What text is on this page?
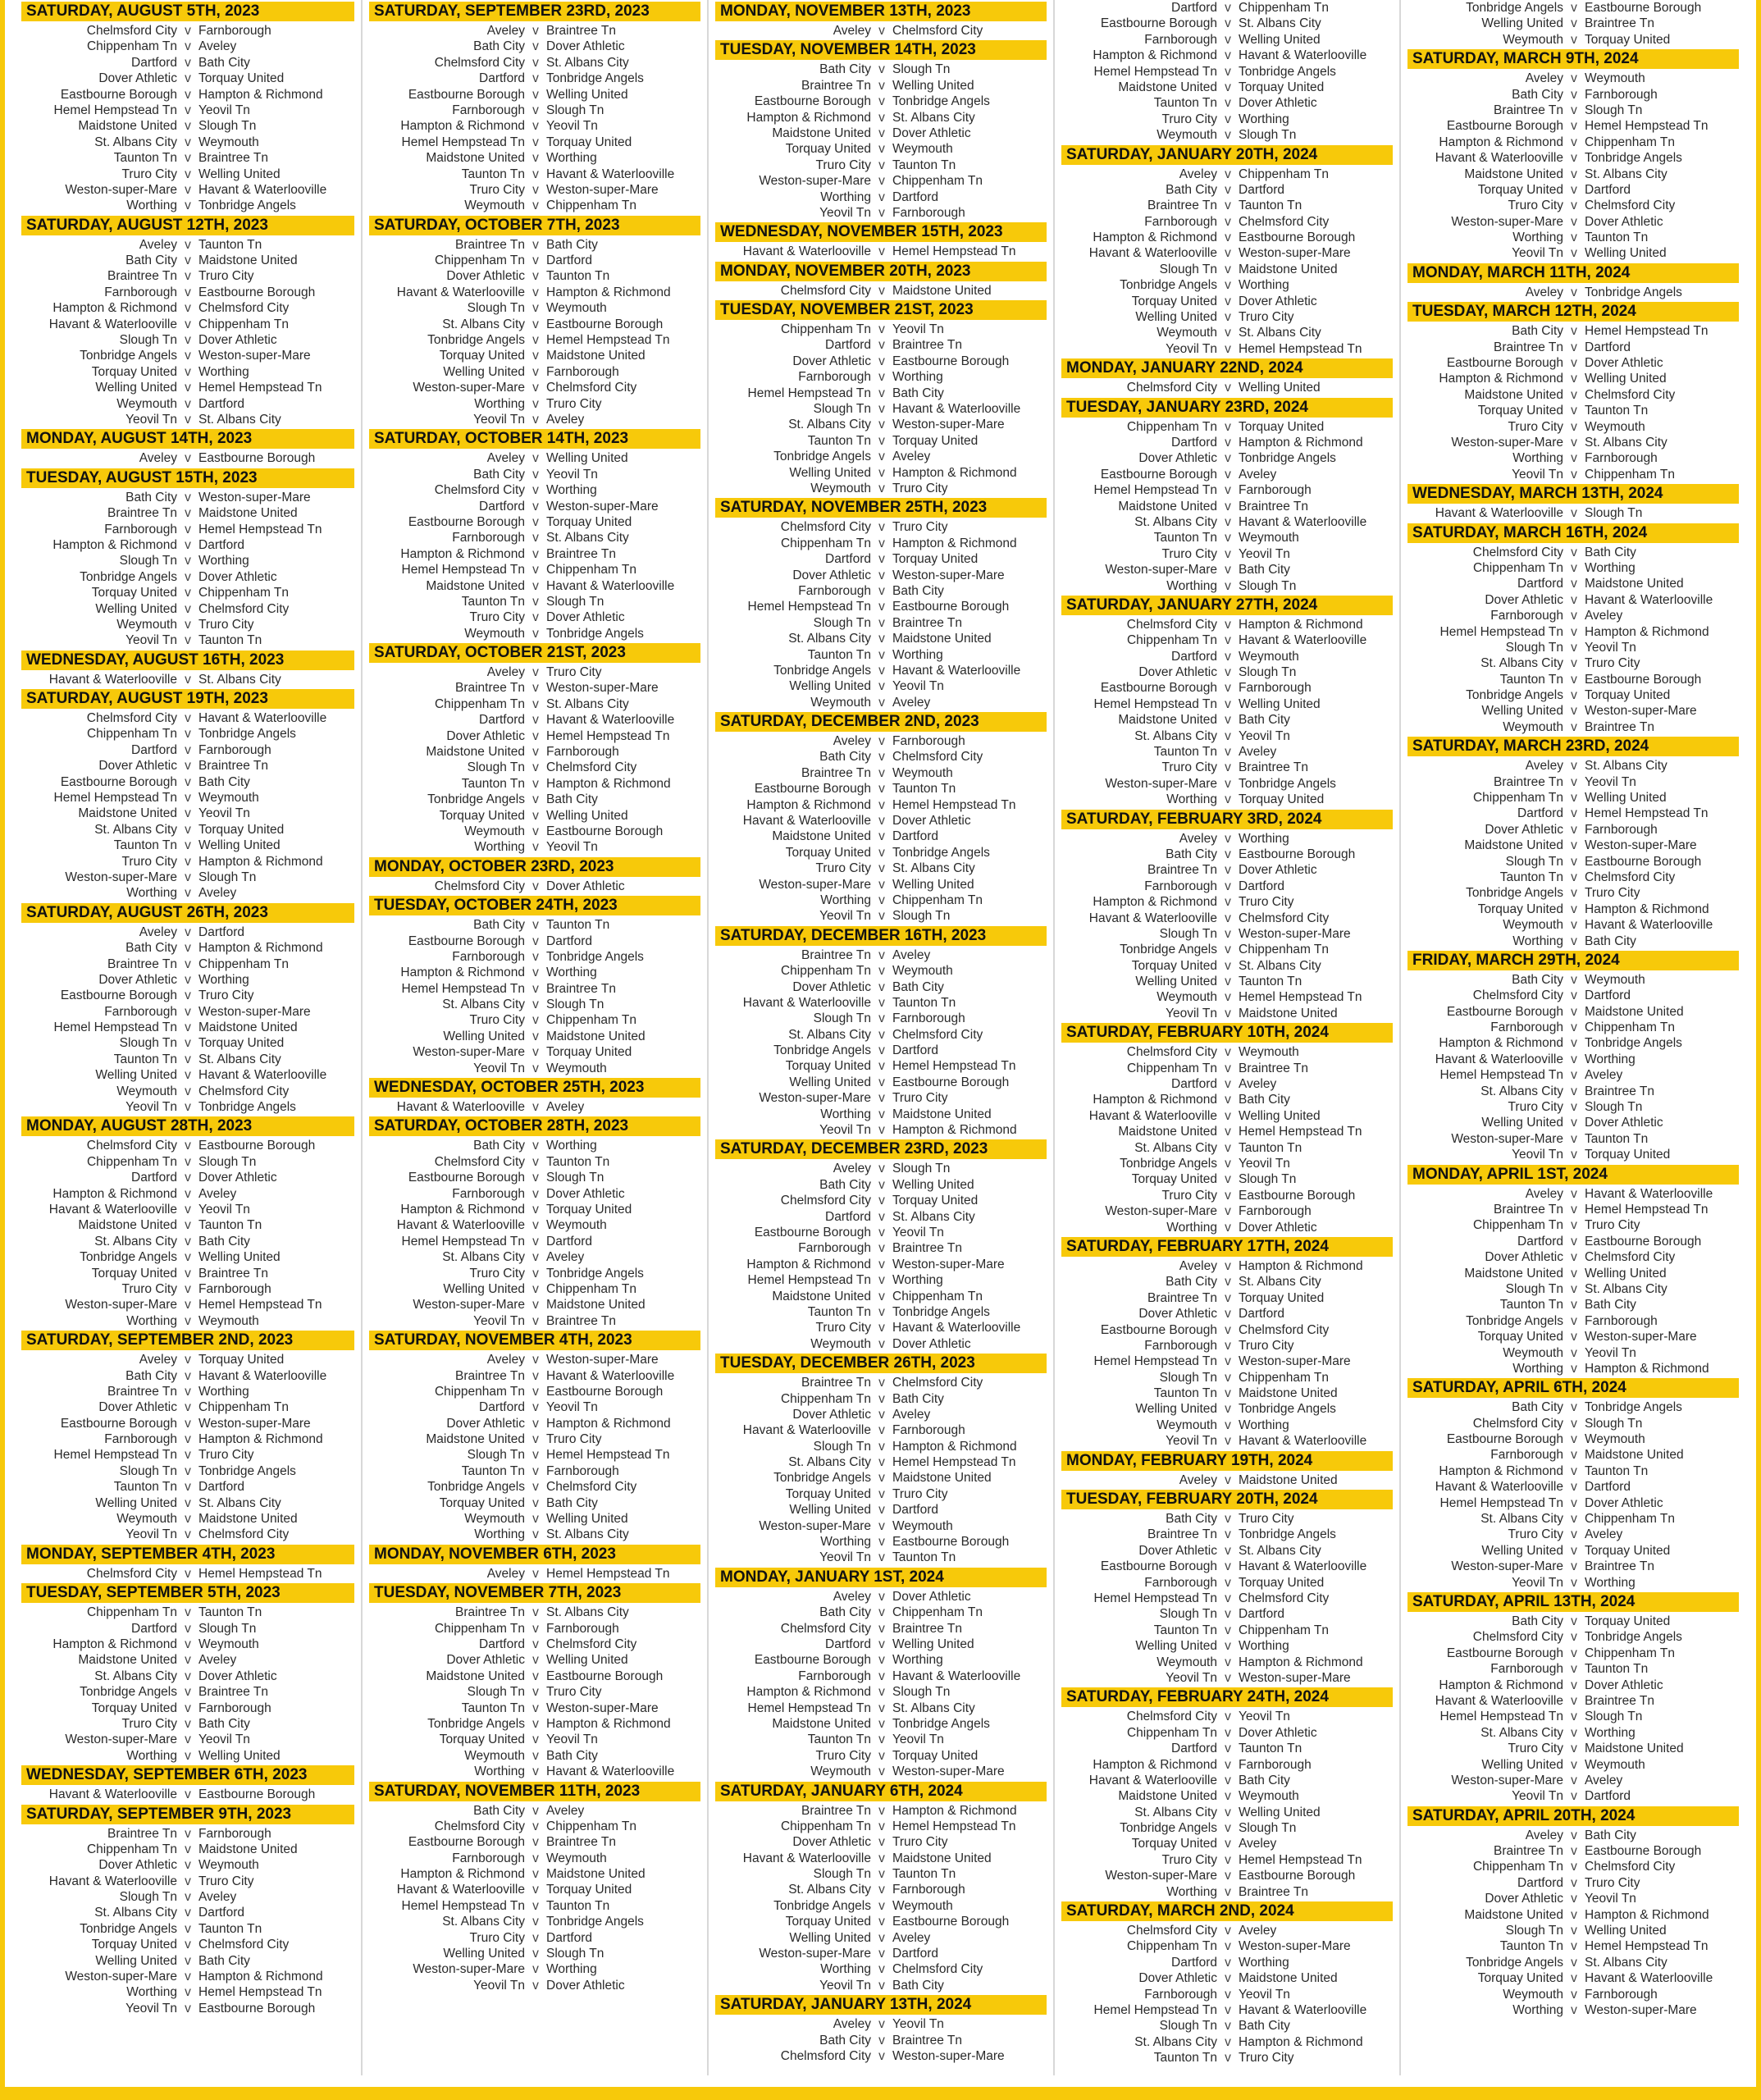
SATURDAY, AUGUST 5TH, 2023
Chelmsford City v Farnborough
Chippenham Tn v Aveley
Dartford v Bath City
Dover Athletic v Torquay United
Eastbourne Borough v Hampton & Richmond
Hemel Hempstead Tn v Yeovil Tn
Maidstone United v Slough Tn
St. Albans City v Weymouth
Taunton Tn v Braintree Tn
Truro City v Welling United
Weston-super-Mare v Havant & Waterlooville
Worthing v Tonbridge Angels
SATURDAY, AUGUST 12TH, 2023
Aveley v Taunton Tn
Bath City v Maidstone United
Braintree Tn v Truro City
Farnborough v Eastbourne Borough
Hampton & Richmond v Chelmsford City
Havant & Waterlooville v Chippenham Tn
Slough Tn v Dover Athletic
Tonbridge Angels v Weston-super-Mare
Torquay United v Worthing
Welling United v Hemel Hempstead Tn
Weymouth v Dartford
Yeovil Tn v St. Albans City
MONDAY, AUGUST 14TH, 2023
Aveley v Eastbourne Borough
TUESDAY, AUGUST 15TH, 2023
Bath City v Weston-super-Mare
Braintree Tn v Maidstone United
Farnborough v Hemel Hempstead Tn
Hampton & Richmond v Dartford
Slough Tn v Worthing
Tonbridge Angels v Dover Athletic
Torquay United v Chippenham Tn
Welling United v Chelmsford City
Weymouth v Truro City
Yeovil Tn v Taunton Tn
WEDNESDAY, AUGUST 16TH, 2023
Havant & Waterlooville v St. Albans City
SATURDAY, AUGUST 19TH, 2023
Chelmsford City v Havant & Waterlooville
Chippenham Tn v Tonbridge Angels
Dartford v Farnborough
Dover Athletic v Braintree Tn
Eastbourne Borough v Bath City
Hemel Hempstead Tn v Weymouth
Maidstone United v Yeovil Tn
St. Albans City v Torquay United
Taunton Tn v Welling United
Truro City v Hampton & Richmond
Weston-super-Mare v Slough Tn
Worthing v Aveley
SATURDAY, AUGUST 26TH, 2023
Aveley v Dartford
Bath City v Hampton & Richmond
Braintree Tn v Chippenham Tn
Dover Athletic v Worthing
Eastbourne Borough v Truro City
Farnborough v Weston-super-Mare
Hemel Hempstead Tn v Maidstone United
Slough Tn v Torquay United
Taunton Tn v St. Albans City
Welling United v Havant & Waterlooville
Weymouth v Chelmsford City
Yeovil Tn v Tonbridge Angels
MONDAY, AUGUST 28TH, 2023
Chelmsford City v Eastbourne Borough
Chippenham Tn v Slough Tn
Dartford v Dover Athletic
Hampton & Richmond v Aveley
Havant & Waterlooville v Yeovil Tn
Maidstone United v Taunton Tn
St. Albans City v Bath City
Tonbridge Angels v Welling United
Torquay United v Braintree Tn
Truro City v Farnborough
Weston-super-Mare v Hemel Hempstead Tn
Worthing v Weymouth
SATURDAY, SEPTEMBER 2ND, 2023
Aveley v Torquay United
Bath City v Havant & Waterlooville
Braintree Tn v Worthing
Dover Athletic v Chippenham Tn
Eastbourne Borough v Weston-super-Mare
Farnborough v Hampton & Richmond
Hemel Hempstead Tn v Truro City
Slough Tn v Tonbridge Angels
Taunton Tn v Dartford
Welling United v St. Albans City
Weymouth v Maidstone United
Yeovil Tn v Chelmsford City
MONDAY, SEPTEMBER 4TH, 2023
Chelmsford City v Hemel Hempstead Tn
TUESDAY, SEPTEMBER 5TH, 2023
Chippenham Tn v Taunton Tn
Dartford v Slough Tn
Hampton & Richmond v Weymouth
Maidstone United v Aveley
St. Albans City v Dover Athletic
Tonbridge Angels v Braintree Tn
Torquay United v Farnborough
Truro City v Bath City
Weston-super-Mare v Yeovil Tn
Worthing v Welling United
WEDNESDAY, SEPTEMBER 6TH, 2023
Havant & Waterlooville v Eastbourne Borough
SATURDAY, SEPTEMBER 9TH, 2023
Braintree Tn v Farnborough
Chippenham Tn v Maidstone United
Dover Athletic v Weymouth
Havant & Waterlooville v Truro City
Slough Tn v Aveley
St. Albans City v Dartford
Tonbridge Angels v Taunton Tn
Torquay United v Chelmsford City
Welling United v Bath City
Weston-super-Mare v Hampton & Richmond
Worthing v Hemel Hempstead Tn
Yeovil Tn v Eastbourne Borough
SATURDAY, SEPTEMBER 23RD, 2023
Aveley v Braintree Tn
Bath City v Dover Athletic
Chelmsford City v St. Albans City
Dartford v Tonbridge Angels
Eastbourne Borough v Welling United
Farnborough v Slough Tn
Hampton & Richmond v Yeovil Tn
Hemel Hempstead Tn v Torquay United
Maidstone United v Worthing
Taunton Tn v Havant & Waterlooville
Truro City v Weston-super-Mare
Weymouth v Chippenham Tn
SATURDAY, OCTOBER 7TH, 2023
Braintree Tn v Bath City
Chippenham Tn v Dartford
Dover Athletic v Taunton Tn
Havant & Waterlooville v Hampton & Richmond
Slough Tn v Weymouth
St. Albans City v Eastbourne Borough
Tonbridge Angels v Hemel Hempstead Tn
Torquay United v Maidstone United
Welling United v Farnborough
Weston-super-Mare v Chelmsford City
Worthing v Truro City
Yeovil Tn v Aveley
SATURDAY, OCTOBER 14TH, 2023
Aveley v Welling United
Bath City v Yeovil Tn
Chelmsford City v Worthing
Dartford v Weston-super-Mare
Eastbourne Borough v Torquay United
Farnborough v St. Albans City
Hampton & Richmond v Braintree Tn
Hemel Hempstead Tn v Chippenham Tn
Maidstone United v Havant & Waterlooville
Taunton Tn v Slough Tn
Truro City v Dover Athletic
Weymouth v Tonbridge Angels
SATURDAY, OCTOBER 21ST, 2023
Aveley v Truro City
Braintree Tn v Weston-super-Mare
Chippenham Tn v St. Albans City
Dartford v Havant & Waterlooville
Dover Athletic v Hemel Hempstead Tn
Maidstone United v Farnborough
Slough Tn v Chelmsford City
Taunton Tn v Hampton & Richmond
Tonbridge Angels v Bath City
Torquay United v Welling United
Weymouth v Eastbourne Borough
Worthing v Yeovil Tn
MONDAY, OCTOBER 23RD, 2023
Chelmsford City v Dover Athletic
TUESDAY, OCTOBER 24TH, 2023
Bath City v Taunton Tn
Eastbourne Borough v Dartford
Farnborough v Tonbridge Angels
Hampton & Richmond v Worthing
Hemel Hempstead Tn v Braintree Tn
St. Albans City v Slough Tn
Truro City v Chippenham Tn
Welling United v Maidstone United
Weston-super-Mare v Torquay United
Yeovil Tn v Weymouth
WEDNESDAY, OCTOBER 25TH, 2023
Havant & Waterlooville v Aveley
SATURDAY, OCTOBER 28TH, 2023
Bath City v Worthing
Chelmsford City v Taunton Tn
Eastbourne Borough v Slough Tn
Farnborough v Dover Athletic
Hampton & Richmond v Torquay United
Havant & Waterlooville v Weymouth
Hemel Hempstead Tn v Dartford
St. Albans City v Aveley
Truro City v Tonbridge Angels
Welling United v Chippenham Tn
Weston-super-Mare v Maidstone United
Yeovil Tn v Braintree Tn
SATURDAY, NOVEMBER 4TH, 2023
Aveley v Weston-super-Mare
Braintree Tn v Havant & Waterlooville
Chippenham Tn v Eastbourne Borough
Dartford v Yeovil Tn
Dover Athletic v Hampton & Richmond
Maidstone United v Truro City
Slough Tn v Hemel Hempstead Tn
Taunton Tn v Farnborough
Tonbridge Angels v Chelmsford City
Torquay United v Bath City
Weymouth v Welling United
Worthing v St. Albans City
MONDAY, NOVEMBER 6TH, 2023
Aveley v Hemel Hempstead Tn
TUESDAY, NOVEMBER 7TH, 2023
Braintree Tn v St. Albans City
Chippenham Tn v Farnborough
Dartford v Chelmsford City
Dover Athletic v Welling United
Maidstone United v Eastbourne Borough
Slough Tn v Truro City
Taunton Tn v Weston-super-Mare
Tonbridge Angels v Hampton & Richmond
Torquay United v Yeovil Tn
Weymouth v Bath City
Worthing v Havant & Waterlooville
SATURDAY, NOVEMBER 11TH, 2023
Bath City v Aveley
Chelmsford City v Chippenham Tn
Eastbourne Borough v Braintree Tn
Farnborough v Weymouth
Hampton & Richmond v Maidstone United
Havant & Waterlooville v Torquay United
Hemel Hempstead Tn v Taunton Tn
St. Albans City v Tonbridge Angels
Truro City v Dartford
Welling United v Slough Tn
Weston-super-Mare v Worthing
Yeovil Tn v Dover Athletic
MONDAY, NOVEMBER 13TH, 2023
Aveley v Chelmsford City
TUESDAY, NOVEMBER 14TH, 2023
Bath City v Slough Tn
Braintree Tn v Welling United
Eastbourne Borough v Tonbridge Angels
Hampton & Richmond v St. Albans City
Maidstone United v Dover Athletic
Torquay United v Weymouth
Truro City v Taunton Tn
Weston-super-Mare v Chippenham Tn
Worthing v Dartford
Yeovil Tn v Farnborough
WEDNESDAY, NOVEMBER 15TH, 2023
Havant & Waterlooville v Hemel Hempstead Tn
MONDAY, NOVEMBER 20TH, 2023
Chelmsford City v Maidstone United
TUESDAY, NOVEMBER 21ST, 2023
Chippenham Tn v Yeovil Tn
Dartford v Braintree Tn
Dover Athletic v Eastbourne Borough
Farnborough v Worthing
Hemel Hempstead Tn v Bath City
Slough Tn v Havant & Waterlooville
St. Albans City v Weston-super-Mare
Taunton Tn v Torquay United
Tonbridge Angels v Aveley
Welling United v Hampton & Richmond
Weymouth v Truro City
SATURDAY, NOVEMBER 25TH, 2023
Chelmsford City v Truro City
Chippenham Tn v Hampton & Richmond
Dartford v Torquay United
Dover Athletic v Weston-super-Mare
Farnborough v Bath City
Hemel Hempstead Tn v Eastbourne Borough
Slough Tn v Braintree Tn
St. Albans City v Maidstone United
Taunton Tn v Worthing
Tonbridge Angels v Havant & Waterlooville
Welling United v Yeovil Tn
Weymouth v Aveley
SATURDAY, DECEMBER 2ND, 2023
Aveley v Farnborough
Bath City v Chelmsford City
Braintree Tn v Weymouth
Eastbourne Borough v Taunton Tn
Hampton & Richmond v Hemel Hempstead Tn
Havant & Waterlooville v Dover Athletic
Maidstone United v Dartford
Torquay United v Tonbridge Angels
Truro City v St. Albans City
Weston-super-Mare v Welling United
Worthing v Chippenham Tn
Yeovil Tn v Slough Tn
SATURDAY, DECEMBER 16TH, 2023
Braintree Tn v Aveley
Chippenham Tn v Weymouth
Dover Athletic v Bath City
Havant & Waterlooville v Taunton Tn
Slough Tn v Farnborough
St. Albans City v Chelmsford City
Tonbridge Angels v Dartford
Torquay United v Hemel Hempstead Tn
Welling United v Eastbourne Borough
Weston-super-Mare v Truro City
Worthing v Maidstone United
Yeovil Tn v Hampton & Richmond
SATURDAY, DECEMBER 23RD, 2023
Aveley v Slough Tn
Bath City v Welling United
Chelmsford City v Torquay United
Dartford v St. Albans City
Eastbourne Borough v Yeovil Tn
Farnborough v Braintree Tn
Hampton & Richmond v Weston-super-Mare
Hemel Hempstead Tn v Worthing
Maidstone United v Chippenham Tn
Taunton Tn v Tonbridge Angels
Truro City v Havant & Waterlooville
Weymouth v Dover Athletic
TUESDAY, DECEMBER 26TH, 2023
Braintree Tn v Chelmsford City
Chippenham Tn v Bath City
Dover Athletic v Aveley
Havant & Waterlooville v Farnborough
Slough Tn v Hampton & Richmond
St. Albans City v Hemel Hempstead Tn
Tonbridge Angels v Maidstone United
Torquay United v Truro City
Welling United v Dartford
Weston-super-Mare v Weymouth
Worthing v Eastbourne Borough
Yeovil Tn v Taunton Tn
MONDAY, JANUARY 1ST, 2024
Aveley v Dover Athletic
Bath City v Chippenham Tn
Chelmsford City v Braintree Tn
Dartford v Welling United
Eastbourne Borough v Worthing
Farnborough v Havant & Waterlooville
Hampton & Richmond v Slough Tn
Hemel Hempstead Tn v St. Albans City
Maidstone United v Tonbridge Angels
Taunton Tn v Yeovil Tn
Truro City v Torquay United
Weymouth v Weston-super-Mare
SATURDAY, JANUARY 6TH, 2024
Braintree Tn v Hampton & Richmond
Chippenham Tn v Hemel Hempstead Tn
Dover Athletic v Truro City
Havant & Waterlooville v Maidstone United
Slough Tn v Taunton Tn
St. Albans City v Farnborough
Tonbridge Angels v Weymouth
Torquay United v Eastbourne Borough
Welling United v Aveley
Weston-super-Mare v Dartford
Worthing v Chelmsford City
Yeovil Tn v Bath City
SATURDAY, JANUARY 13TH, 2024
Aveley v Yeovil Tn
Bath City v Braintree Tn
Chelmsford City v Weston-super-Mare
Dartford v Chippenham Tn
Eastbourne Borough v St. Albans City
Farnborough v Welling United
Hampton & Richmond v Havant & Waterlooville
Hemel Hempstead Tn v Tonbridge Angels
Maidstone United v Torquay United
Taunton Tn v Dover Athletic
Truro City v Worthing
Weymouth v Slough Tn
SATURDAY, JANUARY 20TH, 2024
Aveley v Chippenham Tn
Bath City v Dartford
Braintree Tn v Taunton Tn
Farnborough v Chelmsford City
Hampton & Richmond v Eastbourne Borough
Havant & Waterlooville v Weston-super-Mare
Slough Tn v Maidstone United
Tonbridge Angels v Worthing
Torquay United v Dover Athletic
Welling United v Truro City
Weymouth v St. Albans City
Yeovil Tn v Hemel Hempstead Tn
MONDAY, JANUARY 22ND, 2024
Chelmsford City v Welling United
TUESDAY, JANUARY 23RD, 2024
Chippenham Tn v Torquay United
Dartford v Hampton & Richmond
Dover Athletic v Tonbridge Angels
Eastbourne Borough v Aveley
Hemel Hempstead Tn v Farnborough
Maidstone United v Braintree Tn
St. Albans City v Havant & Waterlooville
Taunton Tn v Weymouth
Truro City v Yeovil Tn
Weston-super-Mare v Bath City
Worthing v Slough Tn
SATURDAY, JANUARY 27TH, 2024
Chelmsford City v Hampton & Richmond
Chippenham Tn v Havant & Waterlooville
Dartford v Weymouth
Dover Athletic v Slough Tn
Eastbourne Borough v Farnborough
Hemel Hempstead Tn v Welling United
Maidstone United v Bath City
St. Albans City v Yeovil Tn
Taunton Tn v Aveley
Truro City v Braintree Tn
Weston-super-Mare v Tonbridge Angels
Worthing v Torquay United
SATURDAY, FEBRUARY 3RD, 2024
Aveley v Worthing
Bath City v Eastbourne Borough
Braintree Tn v Dover Athletic
Farnborough v Dartford
Hampton & Richmond v Truro City
Havant & Waterlooville v Chelmsford City
Slough Tn v Weston-super-Mare
Tonbridge Angels v Chippenham Tn
Torquay United v St. Albans City
Welling United v Taunton Tn
Weymouth v Hemel Hempstead Tn
Yeovil Tn v Maidstone United
SATURDAY, FEBRUARY 10TH, 2024
Chelmsford City v Weymouth
Chippenham Tn v Braintree Tn
Dartford v Aveley
Hampton & Richmond v Bath City
Havant & Waterlooville v Welling United
Maidstone United v Hemel Hempstead Tn
St. Albans City v Taunton Tn
Tonbridge Angels v Yeovil Tn
Torquay United v Slough Tn
Truro City v Eastbourne Borough
Weston-super-Mare v Farnborough
Worthing v Dover Athletic
SATURDAY, FEBRUARY 17TH, 2024
Aveley v Hampton & Richmond
Bath City v St. Albans City
Braintree Tn v Torquay United
Dover Athletic v Dartford
Eastbourne Borough v Chelmsford City
Farnborough v Truro City
Hemel Hempstead Tn v Weston-super-Mare
Slough Tn v Chippenham Tn
Taunton Tn v Maidstone United
Welling United v Tonbridge Angels
Weymouth v Worthing
Yeovil Tn v Havant & Waterlooville
MONDAY, FEBRUARY 19TH, 2024
Aveley v Maidstone United
TUESDAY, FEBRUARY 20TH, 2024
Bath City v Truro City
Braintree Tn v Tonbridge Angels
Dover Athletic v St. Albans City
Eastbourne Borough v Havant & Waterlooville
Farnborough v Torquay United
Hemel Hempstead Tn v Chelmsford City
Slough Tn v Dartford
Taunton Tn v Chippenham Tn
Welling United v Worthing
Weymouth v Hampton & Richmond
Yeovil Tn v Weston-super-Mare
SATURDAY, FEBRUARY 24TH, 2024
Chelmsford City v Yeovil Tn
Chippenham Tn v Dover Athletic
Dartford v Taunton Tn
Hampton & Richmond v Farnborough
Havant & Waterlooville v Bath City
Maidstone United v Weymouth
St. Albans City v Welling United
Tonbridge Angels v Slough Tn
Torquay United v Aveley
Truro City v Hemel Hempstead Tn
Weston-super-Mare v Eastbourne Borough
Worthing v Braintree Tn
SATURDAY, MARCH 2ND, 2024
Chelmsford City v Aveley
Chippenham Tn v Weston-super-Mare
Dartford v Worthing
Dover Athletic v Maidstone United
Farnborough v Yeovil Tn
Hemel Hempstead Tn v Havant & Waterlooville
Slough Tn v Bath City
St. Albans City v Hampton & Richmond
Taunton Tn v Truro City
Tonbridge Angels v Eastbourne Borough
Welling United v Braintree Tn
Weymouth v Torquay United
SATURDAY, MARCH 9TH, 2024
Aveley v Weymouth
Bath City v Farnborough
Braintree Tn v Slough Tn
Eastbourne Borough v Hemel Hempstead Tn
Hampton & Richmond v Chippenham Tn
Havant & Waterlooville v Tonbridge Angels
Maidstone United v St. Albans City
Torquay United v Dartford
Truro City v Chelmsford City
Weston-super-Mare v Dover Athletic
Worthing v Taunton Tn
Yeovil Tn v Welling United
MONDAY, MARCH 11TH, 2024
Aveley v Tonbridge Angels
TUESDAY, MARCH 12TH, 2024
Bath City v Hemel Hempstead Tn
Braintree Tn v Dartford
Eastbourne Borough v Dover Athletic
Hampton & Richmond v Welling United
Maidstone United v Chelmsford City
Torquay United v Taunton Tn
Truro City v Weymouth
Weston-super-Mare v St. Albans City
Worthing v Farnborough
Yeovil Tn v Chippenham Tn
WEDNESDAY, MARCH 13TH, 2024
Havant & Waterlooville v Slough Tn
SATURDAY, MARCH 16TH, 2024
Chelmsford City v Bath City
Chippenham Tn v Worthing
Dartford v Maidstone United
Dover Athletic v Havant & Waterlooville
Farnborough v Aveley
Hemel Hempstead Tn v Hampton & Richmond
Slough Tn v Yeovil Tn
St. Albans City v Truro City
Taunton Tn v Eastbourne Borough
Tonbridge Angels v Torquay United
Welling United v Weston-super-Mare
Weymouth v Braintree Tn
SATURDAY, MARCH 23RD, 2024
Aveley v St. Albans City
Braintree Tn v Yeovil Tn
Chippenham Tn v Welling United
Dartford v Hemel Hempstead Tn
Dover Athletic v Farnborough
Maidstone United v Weston-super-Mare
Slough Tn v Eastbourne Borough
Taunton Tn v Chelmsford City
Tonbridge Angels v Truro City
Torquay United v Hampton & Richmond
Weymouth v Havant & Waterlooville
Worthing v Bath City
FRIDAY, MARCH 29TH, 2024
Bath City v Weymouth
Chelmsford City v Dartford
Eastbourne Borough v Maidstone United
Farnborough v Chippenham Tn
Hampton & Richmond v Tonbridge Angels
Havant & Waterlooville v Worthing
Hemel Hempstead Tn v Aveley
St. Albans City v Braintree Tn
Truro City v Slough Tn
Welling United v Dover Athletic
Weston-super-Mare v Taunton Tn
Yeovil Tn v Torquay United
MONDAY, APRIL 1ST, 2024
Aveley v Havant & Waterlooville
Braintree Tn v Hemel Hempstead Tn
Chippenham Tn v Truro City
Dartford v Eastbourne Borough
Dover Athletic v Chelmsford City
Maidstone United v Welling United
Slough Tn v St. Albans City
Taunton Tn v Bath City
Tonbridge Angels v Farnborough
Torquay United v Weston-super-Mare
Weymouth v Yeovil Tn
Worthing v Hampton & Richmond
SATURDAY, APRIL 6TH, 2024
Bath City v Tonbridge Angels
Chelmsford City v Slough Tn
Eastbourne Borough v Weymouth
Farnborough v Maidstone United
Hampton & Richmond v Taunton Tn
Havant & Waterlooville v Dartford
Hemel Hempstead Tn v Dover Athletic
St. Albans City v Chippenham Tn
Truro City v Aveley
Welling United v Torquay United
Weston-super-Mare v Braintree Tn
Yeovil Tn v Worthing
SATURDAY, APRIL 13TH, 2024
Bath City v Torquay United
Chelmsford City v Tonbridge Angels
Eastbourne Borough v Chippenham Tn
Farnborough v Taunton Tn
Hampton & Richmond v Dover Athletic
Havant & Waterlooville v Braintree Tn
Hemel Hempstead Tn v Slough Tn
St. Albans City v Worthing
Truro City v Maidstone United
Welling United v Weymouth
Weston-super-Mare v Aveley
Yeovil Tn v Dartford
SATURDAY, APRIL 20TH, 2024
Aveley v Bath City
Braintree Tn v Eastbourne Borough
Chippenham Tn v Chelmsford City
Dartford v Truro City
Dover Athletic v Yeovil Tn
Maidstone United v Hampton & Richmond
Slough Tn v Welling United
Taunton Tn v Hemel Hempstead Tn
Tonbridge Angels v St. Albans City
Torquay United v Havant & Waterlooville
Weymouth v Farnborough
Worthing v Weston-super-Mare
